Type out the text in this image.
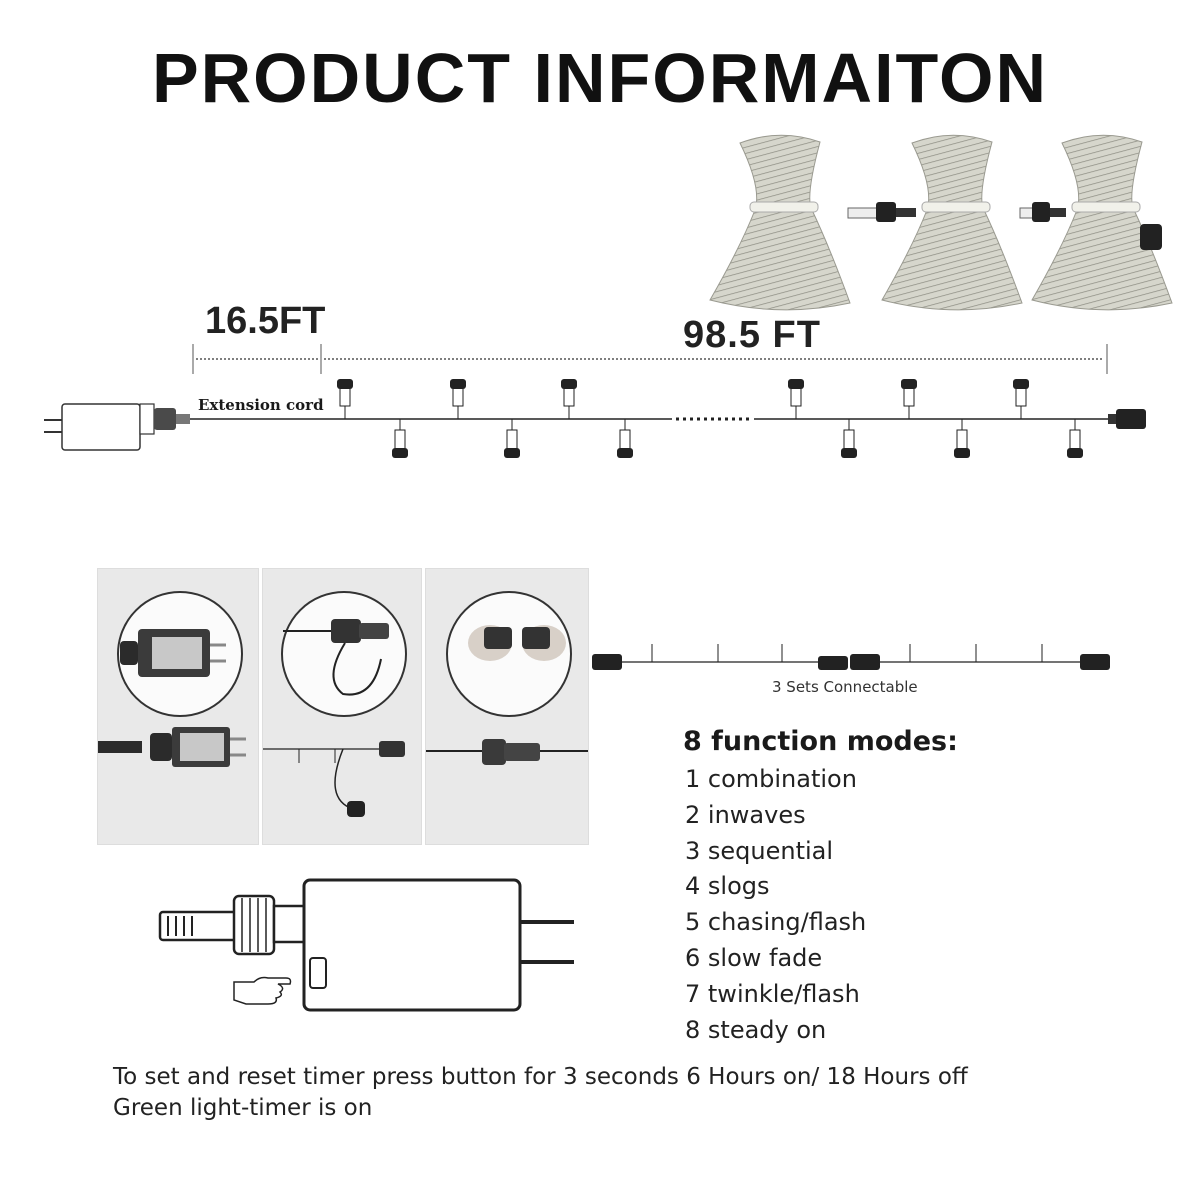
PRODUCT INFORMAITON
16.5FT	98.5 FT
Extension cord
3 Sets Connectable
8 function modes:
1 combination
2 inwaves
3 sequential
4 slogs
5 chasing/flash
6 slow fade
7 twinkle/flash
8 steady on
To set and reset timer press button for 3 seconds 6 Hours on/ 18 Hours off
Green light-timer is on
